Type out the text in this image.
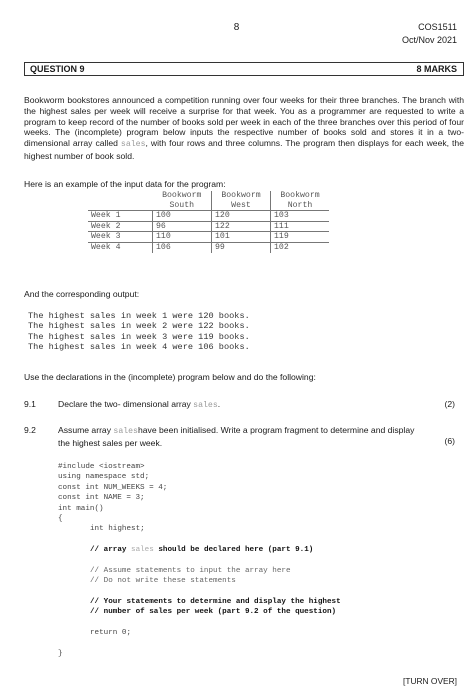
8	COS1511
Oct/Nov 2021
QUESTION 9	8 MARKS
Bookworm bookstores announced a competition running over four weeks for their three branches. The branch with the highest sales per week will receive a surprise for that week. You as a programmer are requested to write a program to keep record of the number of books sold per week in each of the three branches over this period of four weeks. The (incomplete) program below inputs the respective number of books sold and stores it in a two-dimensional array called sales, with four rows and three columns. The program then displays for each week, the highest number of book sold.
Here is an example of the input data for the program:
	Bookworm	Bookworm	Bookworm
	South	West	North
Week 1	100	120	103
Week 2	96	122	111
Week 3	110	101	119
Week 4	106	99	102
And the corresponding output:
The highest sales in week 1 were 120 books.
The highest sales in week 2 were 122 books.
The highest sales in week 3 were 119 books.
The highest sales in week 4 were 106 books.
Use the declarations in the (incomplete) program below and do the following:
9.1	Declare the two- dimensional array sales.	(2)
9.2	Assume array saleshave been initialised. Write a program fragment to determine and display the highest sales per week.	(6)
#include <iostream>
using namespace std;
const int NUM_WEEKS = 4;
const int NAME = 3;
int main()
{
int highest;
// array sales should be declared here (part 9.1)
// Assume statements to input the array here
// Do not write these statements
// Your statements to determine and display the highest
// number of sales per week (part 9.2 of the question)
return 0;
}
[TURN OVER]
